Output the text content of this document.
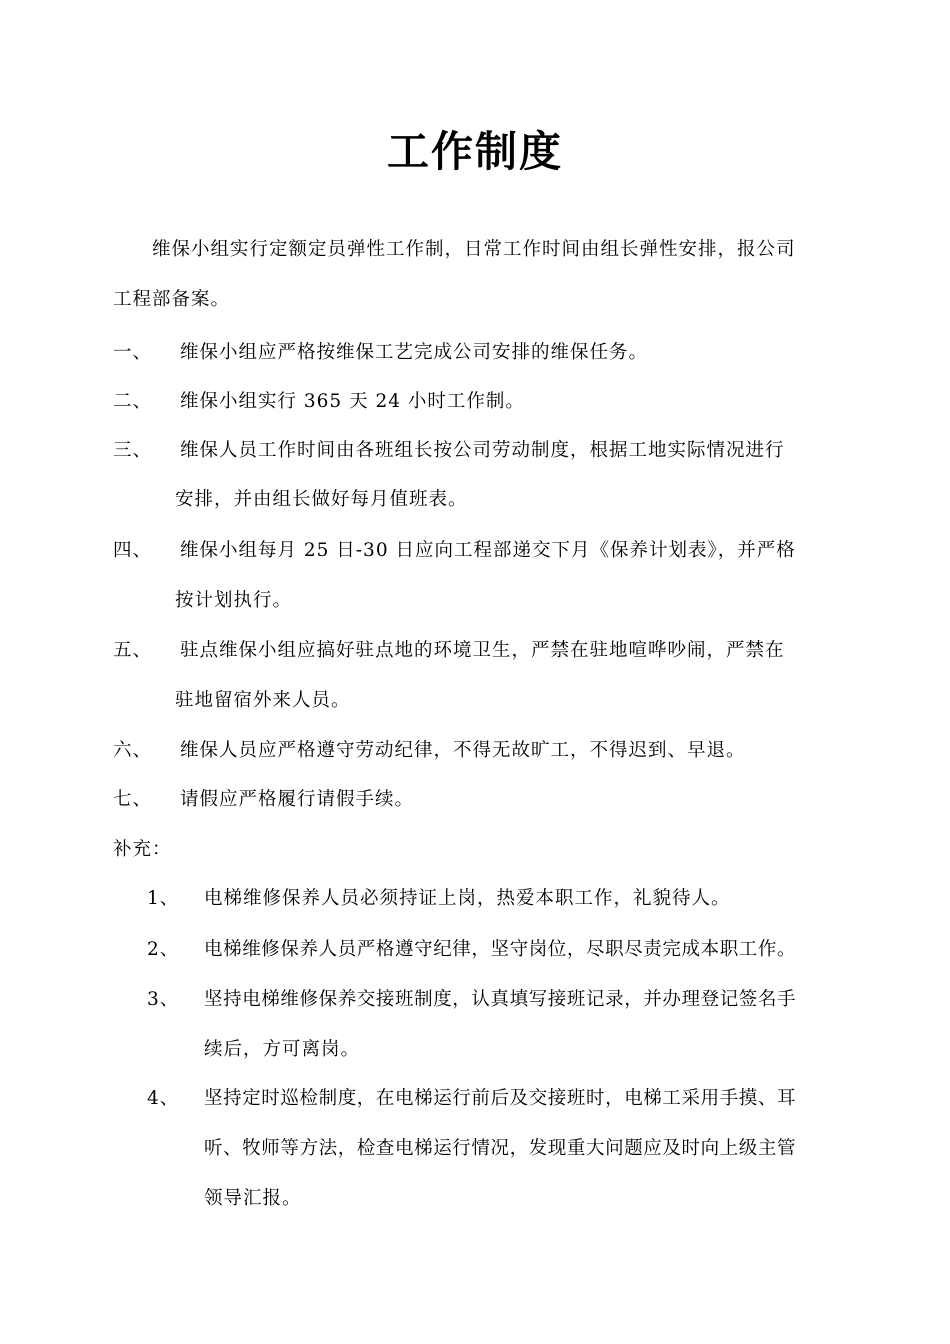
工作制度
维保小组实行定额定员弹性工作制，日常工作时间由组长弹性安排，报公司
工程部备案。
一、 维保小组应严格按维保工艺完成公司安排的维保任务。
二、 维保小组实行 365 天 24 小时工作制。
三、 维保人员工作时间由各班组长按公司劳动制度，根据工地实际情况进行
安排，并由组长做好每月值班表。
四、 维保小组每月 25 日-30 日应向工程部递交下月《保养计划表》，并严格
按计划执行。
五、 驻点维保小组应搞好驻点地的环境卫生，严禁在驻地喧哗吵闹，严禁在
驻地留宿外来人员。
六、 维保人员应严格遵守劳动纪律，不得无故旷工，不得迟到、早退。
七、 请假应严格履行请假手续。
补充：
1、 电梯维修保养人员必须持证上岗，热爱本职工作，礼貌待人。
2、 电梯维修保养人员严格遵守纪律，坚守岗位，尽职尽责完成本职工作。
3、 坚持电梯维修保养交接班制度，认真填写接班记录，并办理登记签名手
续后，方可离岗。
4、 坚持定时巡检制度，在电梯运行前后及交接班时，电梯工采用手摸、耳
听、牧师等方法，检查电梯运行情况，发现重大问题应及时向上级主管
领导汇报。
